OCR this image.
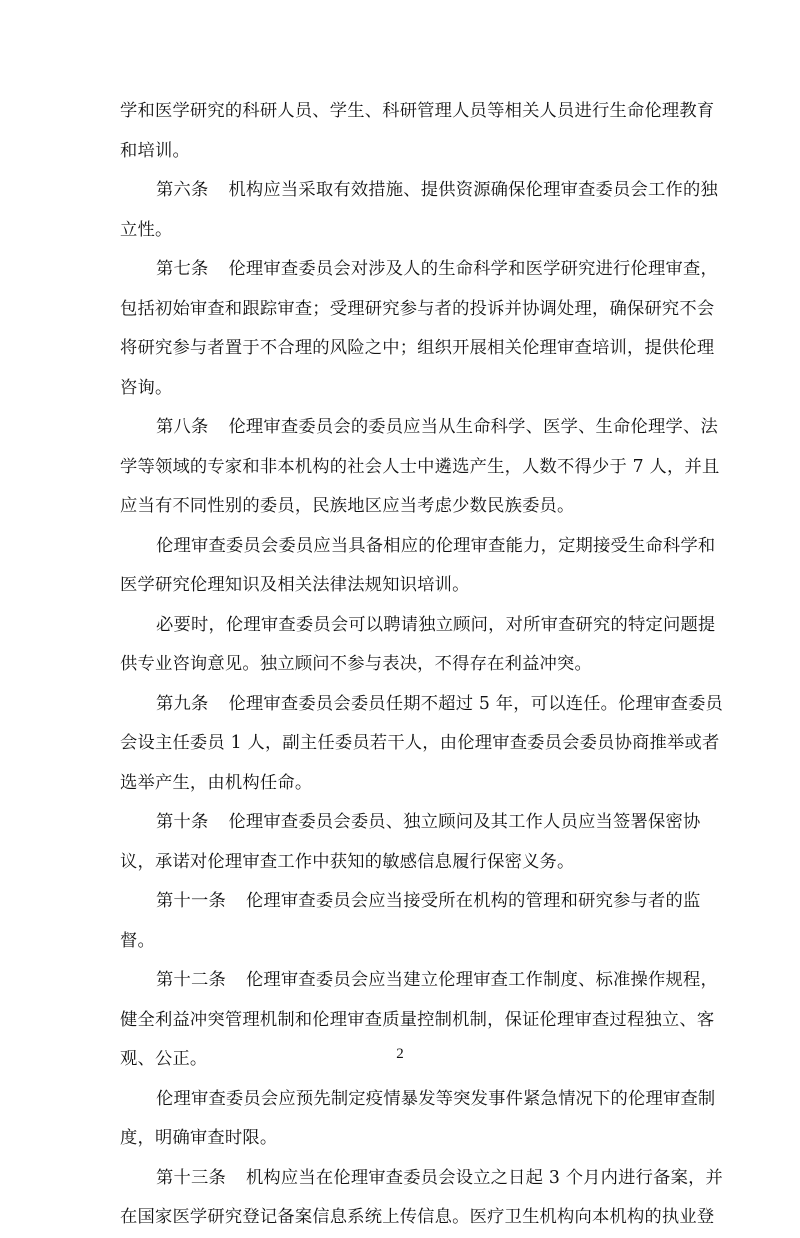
学和医学研究的科研人员、学生、科研管理人员等相关人员进行生命伦理教育
和培训。
第六条 机构应当采取有效措施、提供资源确保伦理审查委员会工作的独
立性。
第七条 伦理审查委员会对涉及人的生命科学和医学研究进行伦理审查，
包括初始审查和跟踪审查；受理研究参与者的投诉并协调处理，确保研究不会
将研究参与者置于不合理的风险之中；组织开展相关伦理审查培训，提供伦理
咨询。
第八条 伦理审查委员会的委员应当从生命科学、医学、生命伦理学、法
学等领域的专家和非本机构的社会人士中遴选产生，人数不得少于 7 人，并且
应当有不同性别的委员，民族地区应当考虑少数民族委员。
伦理审查委员会委员应当具备相应的伦理审查能力，定期接受生命科学和
医学研究伦理知识及相关法律法规知识培训。
必要时，伦理审查委员会可以聘请独立顾问，对所审查研究的特定问题提
供专业咨询意见。独立顾问不参与表决，不得存在利益冲突。
第九条 伦理审查委员会委员任期不超过 5 年，可以连任。伦理审查委员
会设主任委员 1 人，副主任委员若干人，由伦理审查委员会委员协商推举或者
选举产生，由机构任命。
第十条 伦理审查委员会委员、独立顾问及其工作人员应当签署保密协
议，承诺对伦理审查工作中获知的敏感信息履行保密义务。
第十一条 伦理审查委员会应当接受所在机构的管理和研究参与者的监
督。
第十二条 伦理审查委员会应当建立伦理审查工作制度、标准操作规程，
健全利益冲突管理机制和伦理审查质量控制机制，保证伦理审查过程独立、客
观、公正。
伦理审查委员会应预先制定疫情暴发等突发事件紧急情况下的伦理审查制
度，明确审查时限。
第十三条 机构应当在伦理审查委员会设立之日起 3 个月内进行备案，并
在国家医学研究登记备案信息系统上传信息。医疗卫生机构向本机构的执业登
2
